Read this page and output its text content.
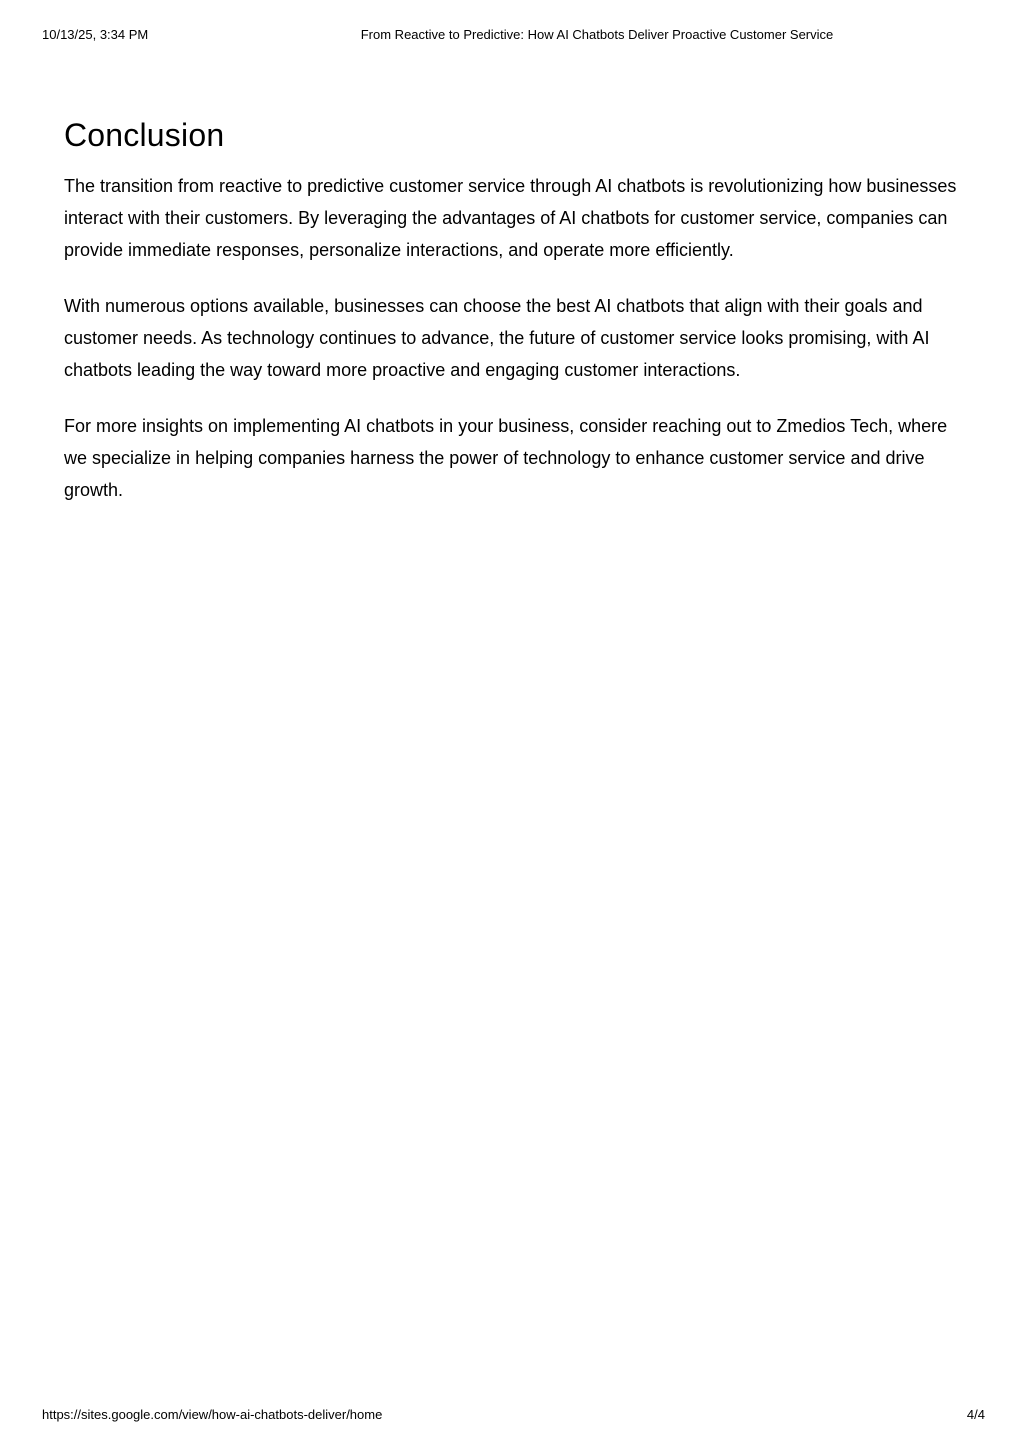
10/13/25, 3:34 PM	From Reactive to Predictive: How AI Chatbots Deliver Proactive Customer Service
Conclusion

The transition from reactive to predictive customer service through AI chatbots is revolutionizing how businesses interact with their customers. By leveraging the advantages of AI chatbots for customer service, companies can provide immediate responses, personalize interactions, and operate more efficiently.

With numerous options available, businesses can choose the best AI chatbots that align with their goals and customer needs. As technology continues to advance, the future of customer service looks promising, with AI chatbots leading the way toward more proactive and engaging customer interactions.

For more insights on implementing AI chatbots in your business, consider reaching out to Zmedios Tech, where we specialize in helping companies harness the power of technology to enhance customer service and drive growth.

https://sites.google.com/view/how-ai-chatbots-deliver/home	4/4
